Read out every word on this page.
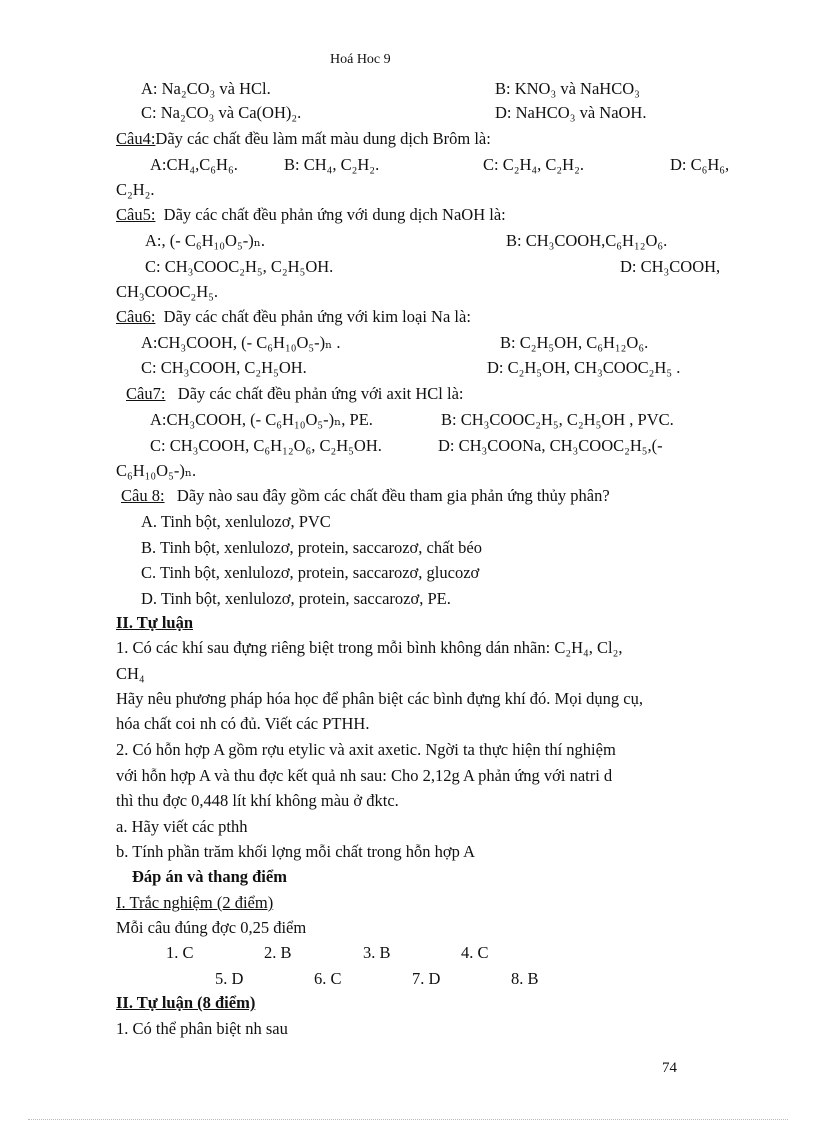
Hoá Hoc 9
A: Na₂CO₃ và HCl.	B: KNO₃ và NaHCO₃
C: Na₂CO₃ và Ca(OH)₂.	D: NaHCO₃ và NaOH.
Câu4:Dãy các chất đều làm mất màu dung dịch Brôm là:
A:CH₄,C₆H₆.	B: CH₄, C₂H₂.	C: C₂H₄, C₂H₂.	D: C₆H₆,
C₂H₂.
Câu5: Dãy các chất đều phản ứng với dung dịch NaOH là:
A:, (- C₆H₁₀O₅-)ₙ.	B: CH₃COOH,C₆H₁₂O₆.
C: CH₃COOC₂H₅, C₂H₅OH.	D: CH₃COOH,
CH₃COOC₂H₅.
Câu6: Dãy các chất đều phản ứng với kim loại Na là:
A:CH₃COOH, (- C₆H₁₀O₅-)ₙ .	B: C₂H₅OH, C₆H₁₂O₆.
C: CH₃COOH, C₂H₅OH.	D: C₂H₅OH, CH₃COOC₂H₅ .
Câu7: Dãy các chất đều phản ứng với axit HCl là:
A:CH₃COOH, (- C₆H₁₀O₅-)ₙ, PE.	B: CH₃COOC₂H₅, C₂H₅OH , PVC.
C: CH₃COOH, C₆H₁₂O₆, C₂H₅OH.	D: CH₃COONa, CH₃COOC₂H₅,(-
C₆H₁₀O₅-)ₙ.
Câu 8: Dãy nào sau đây gồm các chất đều tham gia phản ứng thủy phân?
A. Tinh bột, xenlulozơ, PVC
B. Tinh bột, xenlulozơ, protein, saccarozơ, chất béo
C. Tinh bột, xenlulozơ, protein, saccarozơ, glucozơ
D. Tinh bột, xenlulozơ, protein, saccarozơ, PE.
II. Tự luận
1. Có các khí sau đựng riêng biệt trong mỗi bình không dán nhãn: C₂H₄, Cl₂,
CH₄
Hãy nêu phương pháp hóa học để phân biệt các bình đựng khí đó. Mọi dụng cụ,
hóa chất coi nh có đủ. Viết các PTHH.
2. Có hỗn hợp A gồm rợu etylic và axit axetic. Ngời ta thực hiện thí nghiệm
với hỗn hợp A và thu đợc kết quả nh sau: Cho 2,12g A phản ứng với natri d
thì thu đợc 0,448 lít khí không màu ở đktc.
a. Hãy viết các pthh
b. Tính phần trăm khối lợng mỗi chất trong hỗn hợp A
Đáp án và thang điểm
I. Trắc nghiệm (2 điểm)
Mỗi câu đúng đợc 0,25 điểm
1. C	2. B	3. B	4. C
5. D	6. C	7. D	8. B
II. Tự luận (8 điểm)
1. Có thể phân biệt nh sau
74
